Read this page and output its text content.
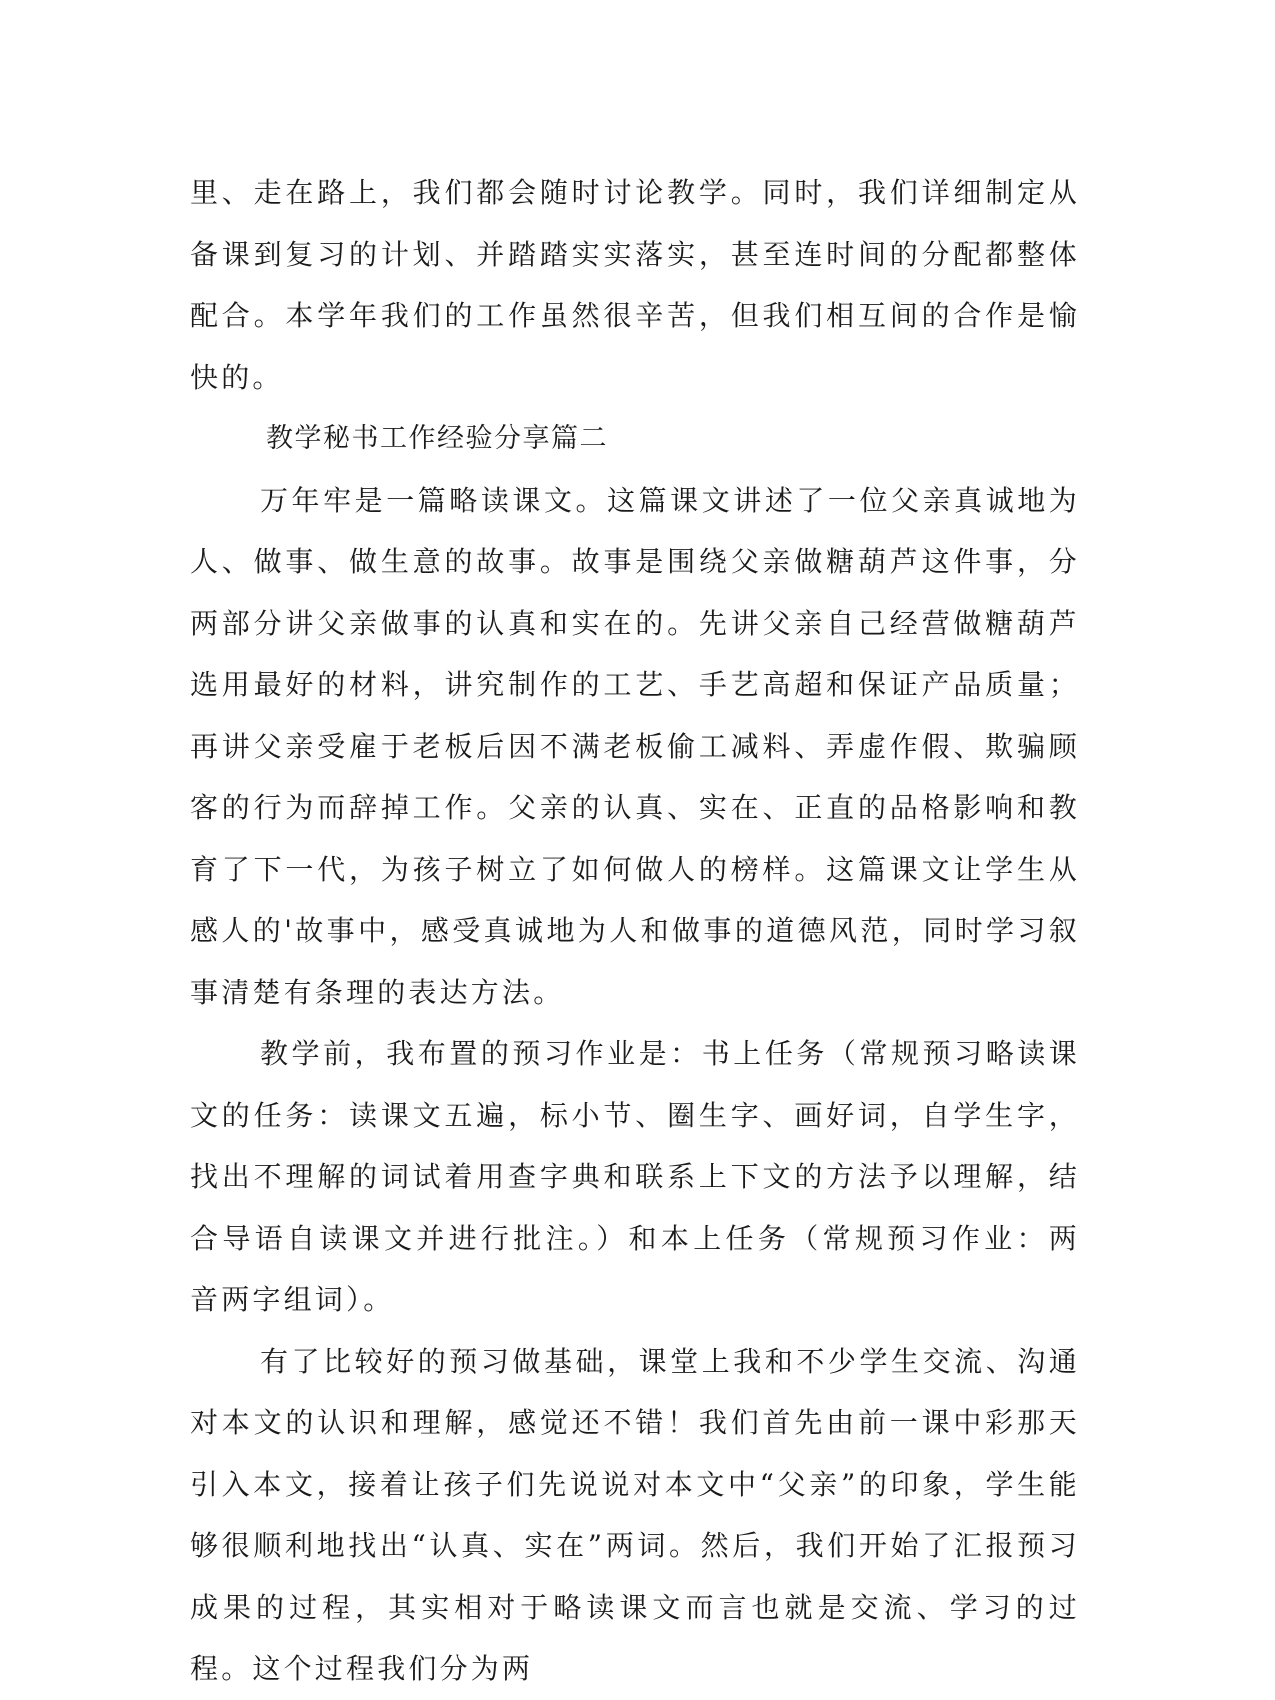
里、走在路上，我们都会随时讨论教学。同时，我们详细制定从备课到复习的计划、并踏踏实实落实，甚至连时间的分配都整体配合。本学年我们的工作虽然很辛苦，但我们相互间的合作是愉快的。

教学秘书工作经验分享篇二

万年牢是一篇略读课文。这篇课文讲述了一位父亲真诚地为人、做事、做生意的故事。故事是围绕父亲做糖葫芦这件事，分两部分讲父亲做事的认真和实在的。先讲父亲自己经营做糖葫芦选用最好的材料，讲究制作的工艺、手艺高超和保证产品质量；再讲父亲受雇于老板后因不满老板偷工减料、弄虚作假、欺骗顾客的行为而辞掉工作。父亲的认真、实在、正直的品格影响和教育了下一代，为孩子树立了如何做人的榜样。这篇课文让学生从感人的'故事中，感受真诚地为人和做事的道德风范，同时学习叙事清楚有条理的表达方法。

教学前，我布置的预习作业是：书上任务（常规预习略读课文的任务：读课文五遍，标小节、圈生字、画好词，自学生字，找出不理解的词试着用查字典和联系上下文的方法予以理解，结合导语自读课文并进行批注。）和本上任务（常规预习作业：两音两字组词）。

有了比较好的预习做基础，课堂上我和不少学生交流、沟通对本文的认识和理解，感觉还不错！我们首先由前一课中彩那天引入本文，接着让孩子们先说说对本文中“父亲”的印象，学生能够很顺利地找出“认真、实在”两词。然后，我们开始了汇报预习成果的过程，其实相对于略读课文而言也就是交流、学习的过程。这个过程我们分为两
